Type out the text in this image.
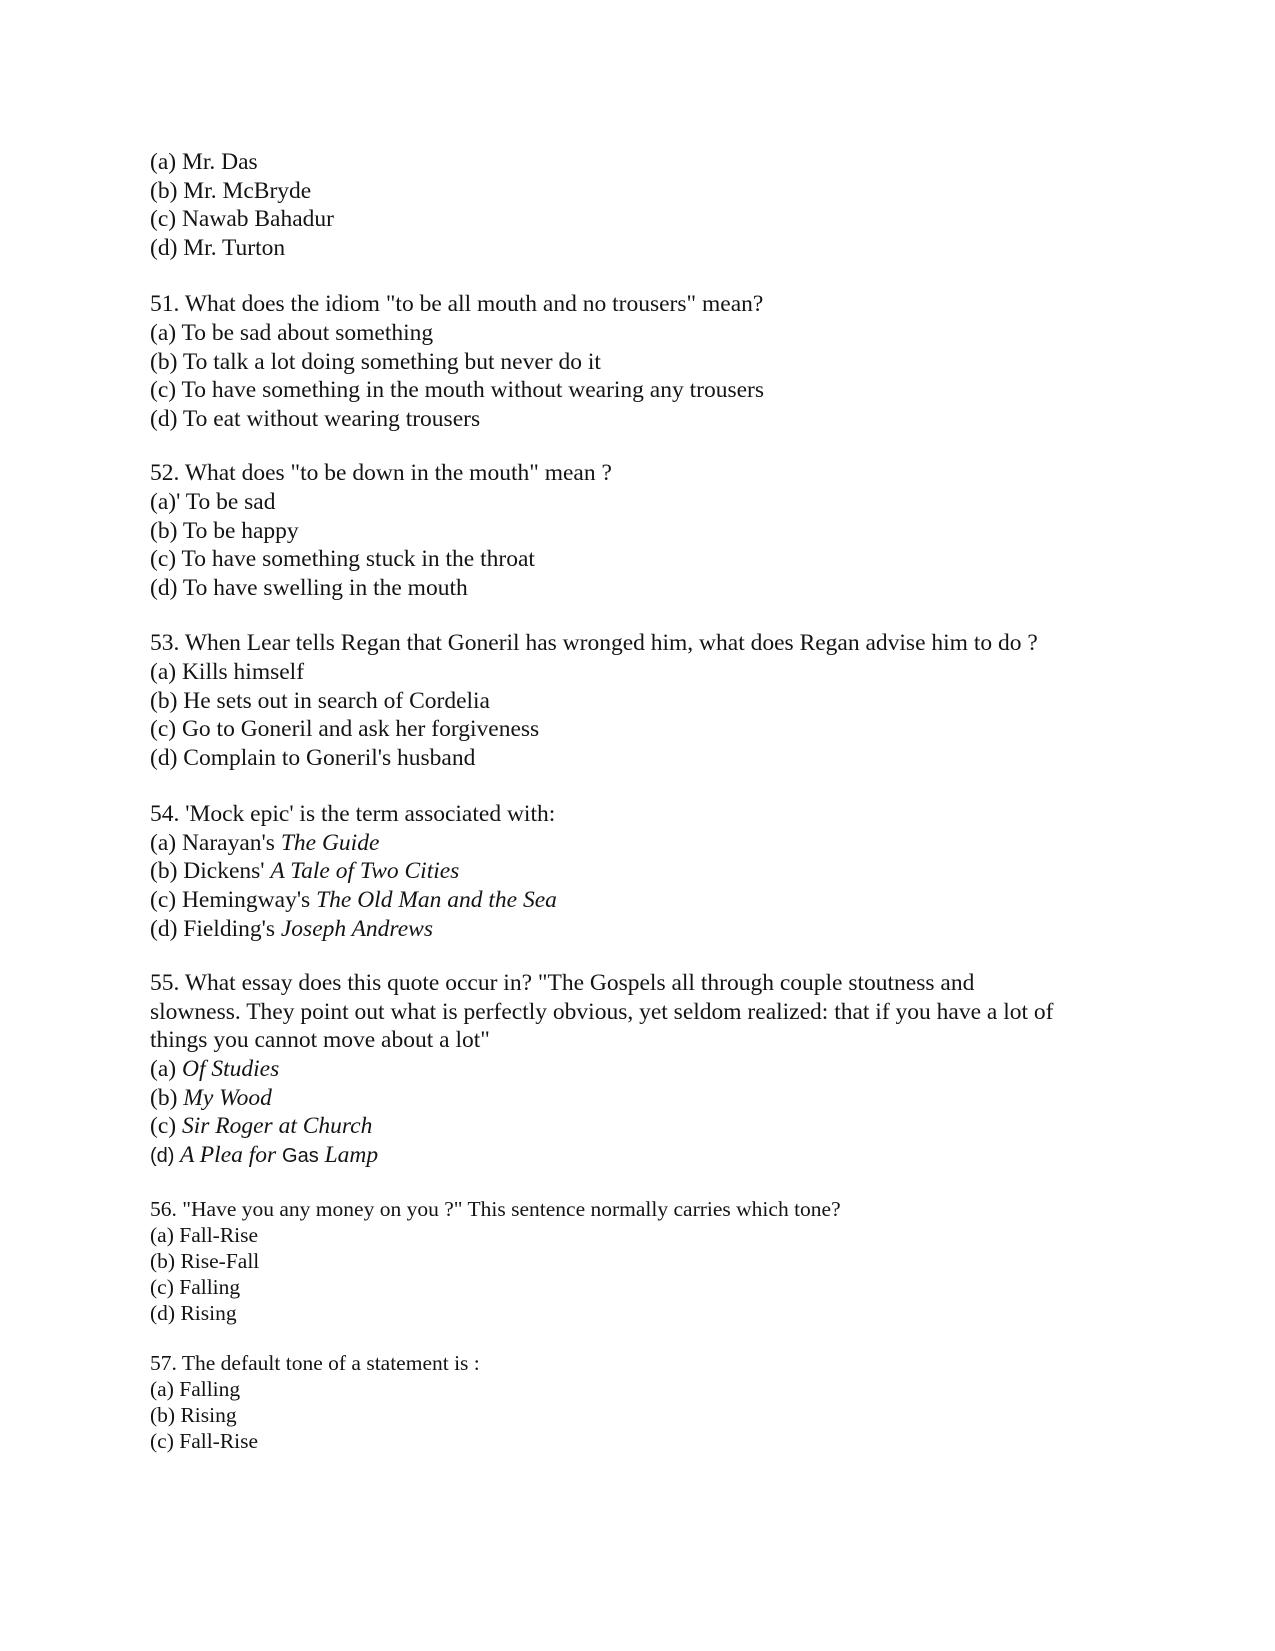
(a) Mr. Das
(b) Mr. McBryde
(c) Nawab Bahadur
(d) Mr. Turton
51. What does the idiom "to be all mouth and no trousers" mean?
(a) To be sad about something
(b) To talk a lot doing something but never do it
(c) To have something in the mouth without wearing any trousers
(d) To eat without wearing trousers
52. What does "to be down in the mouth" mean ?
(a)' To be sad
(b) To be happy
(c) To have something stuck in the throat
(d) To have swelling in the mouth
53. When Lear tells Regan that Goneril has wronged him, what does Regan advise him to do ?
(a) Kills himself
(b) He sets out in search of Cordelia
(c) Go to Goneril and ask her forgiveness
(d) Complain to Goneril's husband
54. 'Mock epic' is the term associated with:
(a) Narayan's The Guide
(b) Dickens' A Tale of Two Cities
(c) Hemingway's The Old Man and the Sea
(d) Fielding's Joseph Andrews
55. What essay does this quote occur in? "The Gospels all through couple stoutness and
slowness. They point out what is perfectly obvious, yet seldom realized: that if you have a lot of
things you cannot move about a lot"
(a) Of Studies
(b) My Wood
(c) Sir Roger at Church
(d) A Plea for Gas Lamp
56. "Have you any money on you ?" This sentence normally carries which tone?
(a) Fall-Rise
(b) Rise-Fall
(c) Falling
(d) Rising
57. The default tone of a statement is :
(a) Falling
(b) Rising
(c) Fall-Rise
